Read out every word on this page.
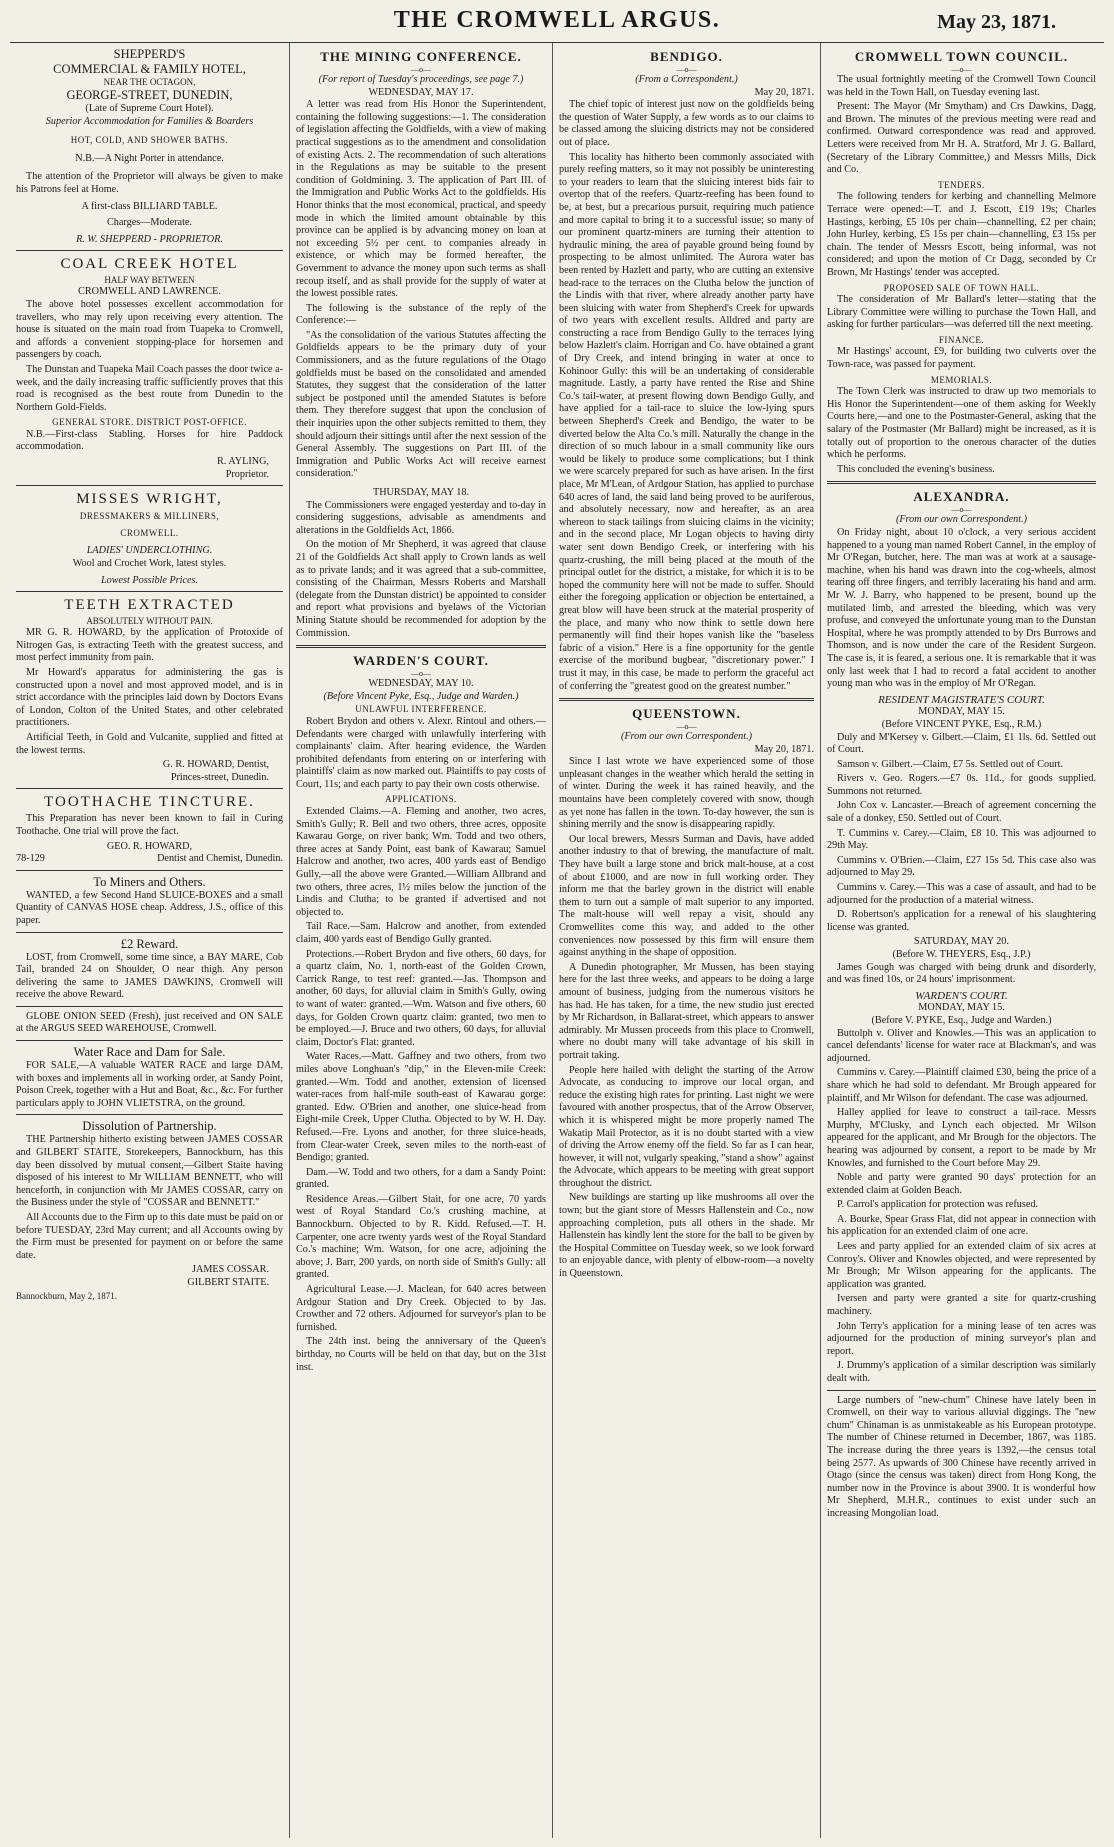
THE CROMWELL ARGUS.	May 23, 1871.
SHEPPERD'S
COMMERCIAL & FAMILY HOTEL,
NEAR THE OCTAGON,
GEORGE-STREET, DUNEDIN,
(Late of Supreme Court Hotel).
Superior Accommodation for Families & Boarders
HOT, COLD, AND SHOWER BATHS.
N.B.—A Night Porter in attendance.

The attention of the Proprietor will always be given to make his Patrons feel at Home.

A first-class BILLIARD TABLE.
Charges—Moderate.
R. W. SHEPPERD - PROPRIETOR.
COAL CREEK HOTEL
HALF WAY BETWEEN
CROMWELL AND LAWRENCE.

The above hotel possesses excellent accommodation for travellers, who may rely upon receiving every attention. The house is situated on the main road from Tuapeka to Cromwell, and affords a convenient stopping-place for horsemen and passengers by coach.

The Dunstan and Tuapeka Mail Coach passes the door twice a-week, and the daily increasing traffic sufficiently proves that this road is recognised as the best route from Dunedin to the Northern Gold-Fields.

GENERAL STORE. DISTRICT POST-OFFICE.

N.B.—First-class Stabling. Horses for hire Paddock accommodation.

R. AYLING,
Proprietor.
MISSES WRIGHT,
DRESSMAKERS & MILLINERS,
CROMWELL.
LADIES' UNDERCLOTHING.
Wool and Crochet Work, latest styles.
Lowest Possible Prices.
TEETH EXTRACTED
ABSOLUTELY WITHOUT PAIN.

MR G. R. HOWARD, by the application of Protoxide of Nitrogen Gas, is extracting Teeth with the greatest success, and most perfect immunity from pain.

Mr Howard's apparatus for administering the gas is constructed upon a novel and most approved model, and is in strict accordance with the principles laid down by Doctors Evans of London, Colton of the United States, and other celebrated practitioners.

Artificial Teeth, in Gold and Vulcanite, supplied and fitted at the lowest terms.

G. R. HOWARD, Dentist,
Princes-street, Dunedin.
TOOTHACHE TINCTURE.

This Preparation has never been known to fail in Curing Toothache. One trial will prove the fact.

GEO. R. HOWARD,
78-129	Dentist and Chemist, Dunedin.
To Miners and Others.

WANTED, a few Second Hand SLUICE-BOXES and a small Quantity of CANVAS HOSE cheap. Address, J.S., office of this paper.

£2 Reward.

LOST, from Cromwell, some time since, a BAY MARE, Cob Tail, branded 24 on Shoulder, O near thigh. Any person delivering the same to JAMES DAWKINS, Cromwell will receive the above Reward.

GLOBE ONION SEED (Fresh), just received and ON SALE at the ARGUS SEED WAREHOUSE, Cromwell.

Water Race and Dam for Sale.

FOR SALE,—A valuable WATER RACE and large DAM, with boxes and implements all in working order, at Sandy Point, Poison Creek, together with a Hut and Boat, &c., &c. For further particulars apply to JOHN VLIETSTRA, on the ground.

Dissolution of Partnership.

THE Partnership hitherto existing between JAMES COSSAR and GILBERT STAITE, Storekeepers, Bannockburn, has this day been dissolved by mutual consent,—Gilbert Staite having disposed of his interest to Mr WILLIAM BENNETT, who will henceforth, in conjunction with Mr JAMES COSSAR, carry on the Business under the style of "COSSAR and BENNETT."

All Accounts due to the Firm up to this date must be paid on or before TUESDAY, 23rd May current; and all Accounts owing by the Firm must be presented for payment on or before the same date.

JAMES COSSAR.
GILBERT STAITE.
Bannockburn, May 2, 1871.
THE MINING CONFERENCE.
—o—
(For report of Tuesday's proceedings, see page 7.)
WEDNESDAY, MAY 17.

A letter was read from His Honor the Superintendent, containing the following suggestions:—1. The consideration of legislation affecting the Goldfields, with a view of making practical suggestions as to the amendment and consolidation of existing Acts. 2. The recommendation of such alterations in the Regulations as may be suitable to the present condition of Goldmining. 3. The application of Part III. of the Immigration and Public Works Act to the goldfields. His Honor thinks that the most economical, practical, and speedy mode in which the limited amount obtainable by this province can be applied is by advancing money on loan at not exceeding 5½ per cent. to companies already in existence, or which may be formed hereafter, the Government to advance the money upon such terms as shall recoup itself, and as shall provide for the supply of water at the lowest possible rates.

The following is the substance of the reply of the Conference:—

"As the consolidation of the various Statutes affecting the Goldfields appears to be the primary duty of your Commissioners, and as the future regulations of the Otago goldfields must be based on the consolidated and amended Statutes, they suggest that the consideration of the latter subject be postponed until the amended Statutes is before them. They therefore suggest that upon the conclusion of their inquiries upon the other subjects remitted to them, they should adjourn their sittings until after the next session of the General Assembly. The suggestions on Part III. of the Immigration and Public Works Act will receive earnest consideration."

THURSDAY, MAY 18.

The Commissioners were engaged yesterday and to-day in considering suggestions, advisable as amendments and alterations in the Goldfields Act, 1866.

On the motion of Mr Shepherd, it was agreed that clause 21 of the Goldfields Act shall apply to Crown lands as well as to private lands; and it was agreed that a sub-committee, consisting of the Chairman, Messrs Roberts and Marshall (delegate from the Dunstan district) be appointed to consider and report what provisions and byelaws of the Victorian Mining Statute should be recommended for adoption by the Commission.

WARDEN'S COURT.
—o—
WEDNESDAY, MAY 10.
(Before Vincent Pyke, Esq., Judge and Warden.)
UNLAWFUL INTERFERENCE.

Robert Brydon and others v. Alexr. Rintoul and others.—Defendants were charged with unlawfully interfering with complainants' claim. After hearing evidence, the Warden prohibited defendants from entering on or interfering with plaintiffs' claim as now marked out. Plaintiffs to pay costs of Court, 11s; and each party to pay their own costs otherwise.

APPLICATIONS.

Extended Claims.—A. Fleming and another, two acres, Smith's Gully; R. Bell and two others, three acres, opposite Kawarau Gorge, on river bank; Wm. Todd and two others, three acres at Sandy Point, east bank of Kawarau; Samuel Halcrow and another, two acres, 400 yards east of Bendigo Gully,—all the above were Granted.—William Allbrand and two others, three acres, 1½ miles below the junction of the Lindis and Clutha; to be granted if advertised and not objected to.

Tail Race.—Sam. Halcrow and another, from extended claim, 400 yards east of Bendigo Gully granted.

Protections.—Robert Brydon and five others, 60 days, for a quartz claim, No. 1, north-east of the Golden Crown, Carrick Range, to test reef: granted.—Jas. Thompson and another, 60 days, for alluvial claim in Smith's Gully, owing to want of water: granted.—Wm. Watson and five others, 60 days, for Golden Crown quartz claim: granted, two men to be employed.—J. Bruce and two others, 60 days, for alluvial claim, Doctor's Flat: granted.

Water Races.—Matt. Gaffney and two others, from two miles above Longhuan's "dip," in the Eleven-mile Creek: granted.—Wm. Todd and another, extension of licensed water-races from half-mile south-east of Kawarau gorge: granted. Edw. O'Brien and another, one sluice-head from Eight-mile Creek, Upper Clutha. Objected to by W. H. Day. Refused.—Fre. Lyons and another, for three sluice-heads, from Clear-water Creek, seven miles to the north-east of Bendigo; granted.

Dam.—W. Todd and two others, for a dam a Sandy Point: granted.

Residence Areas.—Gilbert Stait, for one acre, 70 yards west of Royal Standard Co.'s crushing machine, at Bannockburn. Objected to by R. Kidd. Refused.—T. H. Carpenter, one acre twenty yards west of the Royal Standard Co.'s machine; Wm. Watson, for one acre, adjoining the above; J. Barr, 200 yards, on north side of Smith's Gully: all granted.

Agricultural Lease.—J. Maclean, for 640 acres between Ardgour Station and Dry Creek. Objected to by Jas. Crowther and 72 others. Adjourned for surveyor's plan to be furnished.

The 24th inst. being the anniversary of the Queen's birthday, no Courts will be held on that day, but on the 31st inst.

BENDIGO.
—o—
(From a Correspondent.)
May 20, 1871.

The chief topic of interest just now on the goldfields being the question of Water Supply, a few words as to our claims to be classed among the sluicing districts may not be considered out of place.

This locality has hitherto been commonly associated with purely reefing matters, so it may not possibly be uninteresting to your readers to learn that the sluicing interest bids fair to overtop that of the reefers. Quartz-reefing has been found to be, at best, but a precarious pursuit, requiring much patience and more capital to bring it to a successful issue; so many of our prominent quartz-miners are turning their attention to hydraulic mining, the area of payable ground being found by prospecting to be almost unlimited. The Aurora water has been rented by Hazlett and party, who are cutting an extensive head-race to the terraces on the Clutha below the junction of the Lindis with that river, where already another party have been sluicing with water from Shepherd's Creek for upwards of two years with excellent results. Alldred and party are constructing a race from Bendigo Gully to the terraces lying below Hazlett's claim. Horrigan and Co. have obtained a grant of Dry Creek, and intend bringing in water at once to Kohinoor Gully: this will be an undertaking of considerable magnitude. Lastly, a party have rented the Rise and Shine Co.'s tail-water, at present flowing down Bendigo Gully, and have applied for a tail-race to sluice the low-lying spurs between Shepherd's Creek and Bendigo, the water to be diverted below the Alta Co.'s mill. Naturally the change in the direction of so much labour in a small community like ours would be likely to produce some complications; but I think we were scarcely prepared for such as have arisen. In the first place, Mr M'Lean, of Ardgour Station, has applied to purchase 640 acres of land, the said land being proved to be auriferous, and absolutely necessary, now and hereafter, as an area whereon to stack tailings from sluicing claims in the vicinity; and in the second place, Mr Logan objects to having dirty water sent down Bendigo Creek, or interfering with his quartz-crushing, the mill being placed at the mouth of the principal outlet for the district, a mistake, for which it is to be hoped the community here will not be made to suffer. Should either the foregoing application or objection be entertained, a great blow will have been struck at the material prosperity of the place, and many who now think to settle down here permanently will find their hopes vanish like the "baseless fabric of a vision." Here is a fine opportunity for the gentle exercise of the moribund bugbear, "discretionary power." I trust it may, in this case, be made to perform the graceful act of conferring the "greatest good on the greatest number."

QUEENSTOWN.
—o—
(From our own Correspondent.)
May 20, 1871.

Since I last wrote we have experienced some of those unpleasant changes in the weather which herald the setting in of winter. During the week it has rained heavily, and the mountains have been completely covered with snow, though as yet none has fallen in the town. To-day however, the sun is shining merrily and the snow is disappearing rapidly.

Our local brewers, Messrs Surman and Davis, have added another industry to that of brewing, the manufacture of malt. They have built a large stone and brick malt-house, at a cost of about £1000, and are now in full working order. They inform me that the barley grown in the district will enable them to turn out a sample of malt superior to any imported. The malt-house will well repay a visit, should any Cromwellites come this way, and added to the other conveniences now possessed by this firm will ensure them against anything in the shape of opposition.

A Dunedin photographer, Mr Mussen, has been staying here for the last three weeks, and appears to be doing a large amount of business, judging from the numerous visitors he has had. He has taken, for a time, the new studio just erected by Mr Richardson, in Ballarat-street, which appears to answer admirably. Mr Mussen proceeds from this place to Cromwell, where no doubt many will take advantage of his skill in portrait taking.

People here hailed with delight the starting of the Arrow Advocate, as conducing to improve our local organ, and reduce the existing high rates for printing. Last night we were favoured with another prospectus, that of the Arrow Observer, which it is whispered might be more properly named The Wakatip Mail Protector, as it is no doubt started with a view of driving the Arrow enemy off the field. So far as I can hear, however, it will not, vulgarly speaking, "stand a show" against the Advocate, which appears to be meeting with great support throughout the district.

New buildings are starting up like mushrooms all over the town; but the giant store of Messrs Hallenstein and Co., now approaching completion, puts all others in the shade. Mr Hallenstein has kindly lent the store for the ball to be given by the Hospital Committee on Tuesday week, so we look forward to an enjoyable dance, with plenty of elbow-room—a novelty in Queenstown.

CROMWELL TOWN COUNCIL.
—o—

The usual fortnightly meeting of the Cromwell Town Council was held in the Town Hall, on Tuesday evening last.

Present: The Mayor (Mr Smytham) and Crs Dawkins, Dagg, and Brown. The minutes of the previous meeting were read and confirmed. Outward correspondence was read and approved. Letters were received from Mr H. A. Stratford, Mr J. G. Ballard, (Secretary of the Library Committee,) and Messrs Mills, Dick and Co.

TENDERS.

The following tenders for kerbing and channelling Melmore Terrace were opened:—T. and J. Escott, £19 19s; Charles Hastings, kerbing, £5 10s per chain—channelling, £2 per chain; John Hurley, kerbing, £5 15s per chain—channelling, £3 15s per chain. The tender of Messrs Escott, being informal, was not considered; and upon the motion of Cr Dagg, seconded by Cr Brown, Mr Hastings' tender was accepted.

PROPOSED SALE OF TOWN HALL.

The consideration of Mr Ballard's letter—stating that the Library Committee were willing to purchase the Town Hall, and asking for further particulars—was deferred till the next meeting.

FINANCE.

Mr Hastings' account, £9, for building two culverts over the Town-race, was passed for payment.

MEMORIALS.

The Town Clerk was instructed to draw up two memorials to His Honor the Superintendent—one of them asking for Weekly Courts here,—and one to the Postmaster-General, asking that the salary of the Postmaster (Mr Ballard) might be increased, as it is totally out of proportion to the onerous character of the duties which he performs.

This concluded the evening's business.

ALEXANDRA.
—o—
(From our own Correspondent.)

On Friday night, about 10 o'clock, a very serious accident happened to a young man named Robert Cannel, in the employ of Mr O'Regan, butcher, here. The man was at work at a sausage-machine, when his hand was drawn into the cog-wheels, almost tearing off three fingers, and terribly lacerating his hand and arm. Mr W. J. Barry, who happened to be present, bound up the mutilated limb, and arrested the bleeding, which was very profuse, and conveyed the unfortunate young man to the Dunstan Hospital, where he was promptly attended to by Drs Burrows and Thomson, and is now under the care of the Resident Surgeon. The case is, it is feared, a serious one. It is remarkable that it was only last week that I had to record a fatal accident to another young man who was in the employ of Mr O'Regan.

RESIDENT MAGISTRATE'S COURT.
MONDAY, MAY 15.
(Before VINCENT PYKE, Esq., R.M.)

Duly and M'Kersey v. Gilbert.—Claim, £1 1ls. 6d. Settled out of Court.

Samson v. Gilbert.—Claim, £7 5s. Settled out of Court.

Rivers v. Geo. Rogers.—£7 0s. 11d., for goods supplied. Summons not returned.

John Cox v. Lancaster.—Breach of agreement concerning the sale of a donkey, £50. Settled out of Court.

T. Cummins v. Carey.—Claim, £8 10. This was adjourned to 29th May.

Cummins v. O'Brien.—Claim, £27 15s 5d. This case also was adjourned to May 29.

Cummins v. Carey.—This was a case of assault, and had to be adjourned for the production of a material witness.

D. Robertson's application for a renewal of his slaughtering license was granted.

SATURDAY, MAY 20.
(Before W. THEYERS, Esq., J.P.)

James Gough was charged with being drunk and disorderly, and was fined 10s, or 24 hours' imprisonment.

WARDEN'S COURT.
MONDAY, MAY 15.
(Before V. PYKE, Esq., Judge and Warden.)

Buttolph v. Oliver and Knowles.—This was an application to cancel defendants' license for water race at Blackman's, and was adjourned.

Cummins v. Carey.—Plaintiff claimed £30, being the price of a share which he had sold to defendant. Mr Brough appeared for plaintiff, and Mr Wilson for defendant. The case was adjourned.

Halley applied for leave to construct a tail-race. Messrs Murphy, M'Clusky, and Lynch each objected. Mr Wilson appeared for the applicant, and Mr Brough for the objectors. The hearing was adjourned by consent, a report to be made by Mr Knowles, and furnished to the Court before May 29.

Noble and party were granted 90 days' protection for an extended claim at Golden Beach.

P. Carrol's application for protection was refused.

A. Bourke, Spear Grass Flat, did not appear in connection with his application for an extended claim of one acre.

Lees and party applied for an extended claim of six acres at Conroy's. Oliver and Knowles objected, and were represented by Mr Brough; Mr Wilson appearing for the applicants. The application was granted.

Iversen and party were granted a site for quartz-crushing machinery.

John Terry's application for a mining lease of ten acres was adjourned for the production of mining surveyor's plan and report.

J. Drummy's application of a similar description was similarly dealt with.

Large numbers of "new-chum" Chinese have lately been in Cromwell, on their way to various alluvial diggings. The "new chum" Chinaman is as unmistakeable as his European prototype. The number of Chinese returned in December, 1867, was 1185. The increase during the three years is 1392,—the census total being 2577. As upwards of 300 Chinese have recently arrived in Otago (since the census was taken) direct from Hong Kong, the number now in the Province is about 3900. It is wonderful how Mr Shepherd, M.H.R., continues to exist under such an increasing Mongolian load.
